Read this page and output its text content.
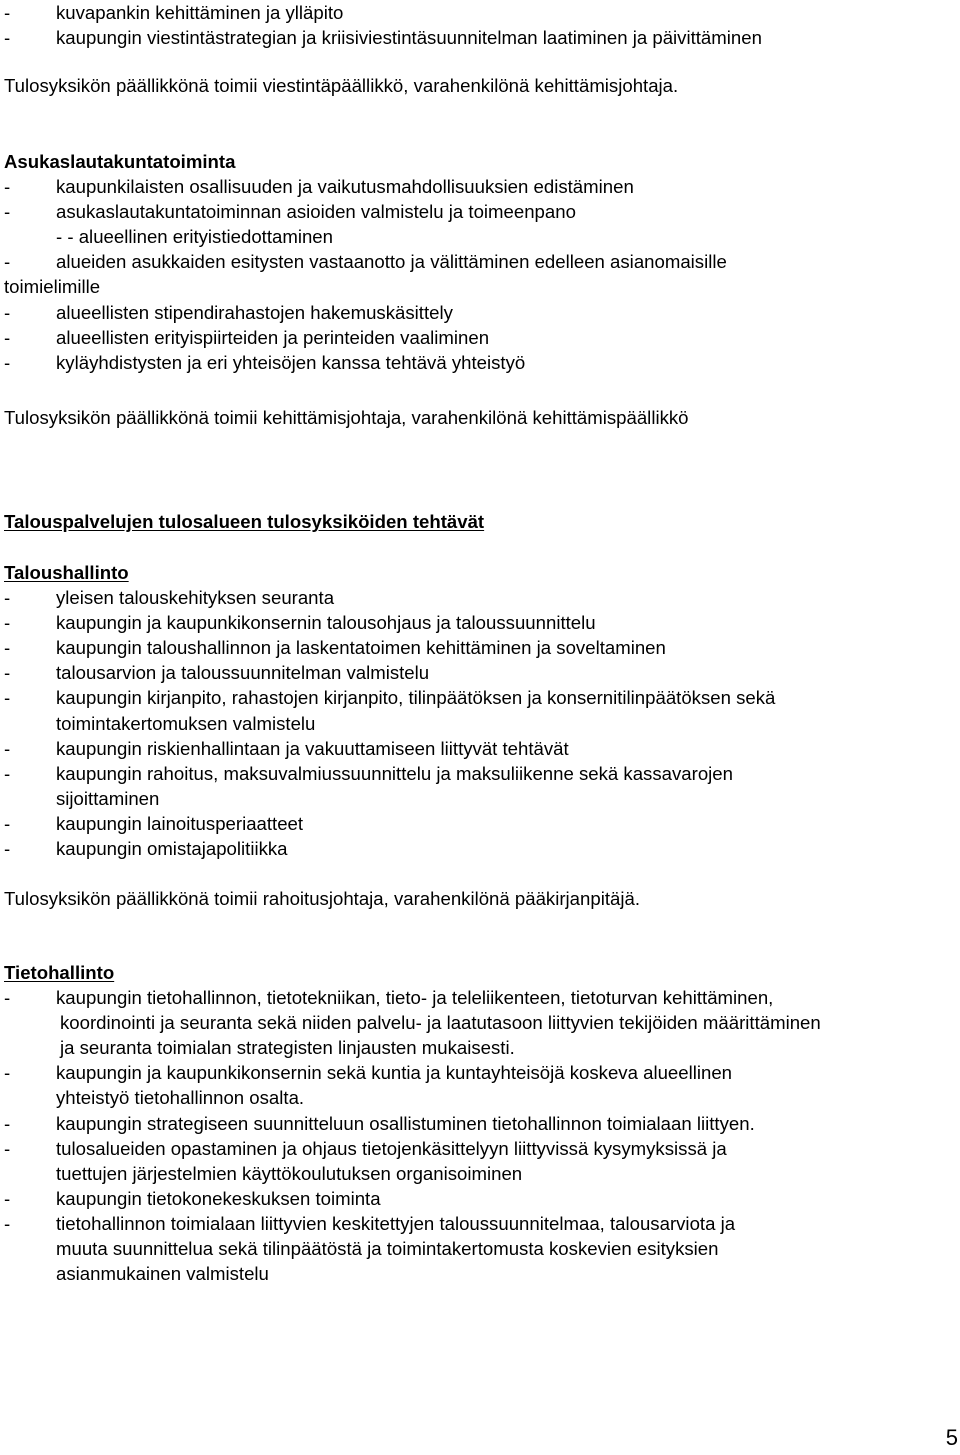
- kuvapankin kehittäminen ja ylläpito
- kaupungin viestintästrategian ja kriisiviestintäsuunnitelman laatiminen ja päivittäminen
Tulosyksikön päällikkönä toimii viestintäpäällikkö, varahenkilönä kehittämisjohtaja.
Asukaslautakuntatoiminta
- kaupunkilaisten osallisuuden ja vaikutusmahdollisuuksien edistäminen
- asukaslautakuntatoiminnan asioiden valmistelu ja toimeenpano
- - alueellinen erityistiedottaminen
- alueiden asukkaiden esitysten vastaanotto ja välittäminen edelleen asianomaisille
toimielimille
- alueellisten stipendirahastojen hakemuskäsittely
- alueellisten erityispiirteiden ja perinteiden vaaliminen
- kyläyhdistysten ja eri yhteisöjen kanssa tehtävä yhteistyö
Tulosyksikön päällikkönä toimii kehittämisjohtaja, varahenkilönä kehittämispäällikkö
Talouspalvelujen tulosalueen tulosyksiköiden tehtävät
Taloushallinto
- yleisen talouskehityksen seuranta
- kaupungin ja kaupunkikonsernin talousohjaus ja taloussuunnittelu
- kaupungin taloushallinnon ja laskentatoimen kehittäminen ja soveltaminen
- talousarvion ja taloussuunnitelman valmistelu
- kaupungin kirjanpito, rahastojen kirjanpito, tilinpäätöksen ja konsernitilinpäätöksen sekä
toimintakertomuksen valmistelu
- kaupungin riskienhallintaan ja vakuuttamiseen liittyvät tehtävät
- kaupungin rahoitus, maksuvalmiussuunnittelu ja maksuliikenne sekä kassavarojen
sijoittaminen
- kaupungin lainoitusperiaatteet
- kaupungin omistajapolitiikka
Tulosyksikön päällikkönä toimii rahoitusjohtaja, varahenkilönä pääkirjanpitäjä.
Tietohallinto
- kaupungin tietohallinnon, tietotekniikan, tieto- ja teleliikenteen, tietoturvan kehittäminen,
koordinointi ja seuranta sekä niiden palvelu- ja laatutasoon liittyvien tekijöiden määrittäminen
ja seuranta toimialan strategisten linjausten mukaisesti.
- kaupungin ja kaupunkikonsernin sekä kuntia ja kuntayhteisöjä koskeva alueellinen
yhteistyö tietohallinnon osalta.
- kaupungin strategiseen suunnitteluun osallistuminen tietohallinnon toimialaan liittyen.
- tulosalueiden opastaminen ja ohjaus tietojenkäsittelyyn liittyvissä kysymyksissä ja
tuettujen järjestelmien käyttökoulutuksen organisoiminen
- kaupungin tietokonekeskuksen toiminta
- tietohallinnon toimialaan liittyvien keskitettyjen taloussuunnitelmaa, talousarviota ja
muuta suunnittelua sekä tilinpäätöstä ja toimintakertomusta koskevien esityksien
asianmukainen valmistelu
5
